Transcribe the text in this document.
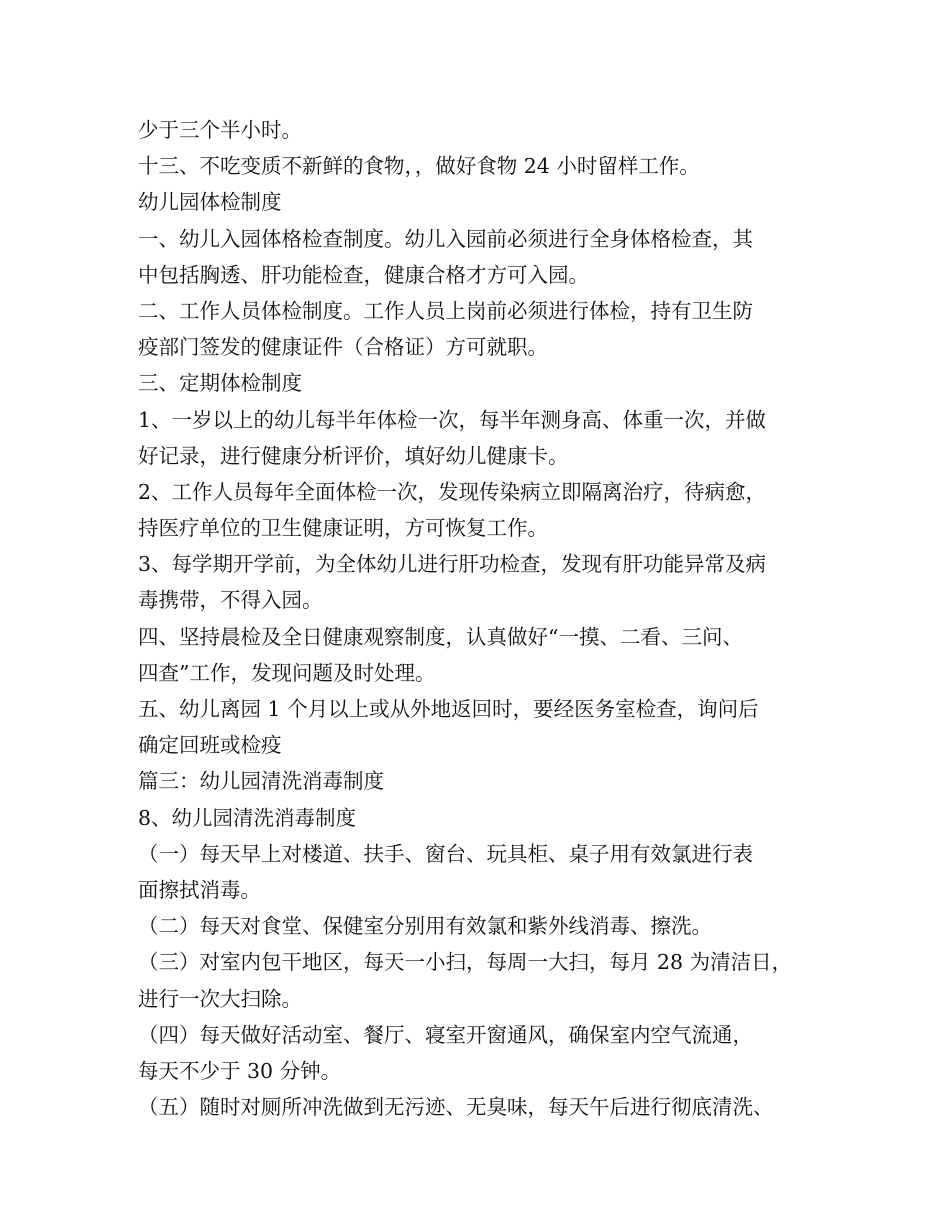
少于三个半小时。
十三、不吃变质不新鲜的食物，，做好食物 24 小时留样工作。
幼儿园体检制度
一、幼儿入园体格检查制度。幼儿入园前必须进行全身体格检查，其
中包括胸透、肝功能检查，健康合格才方可入园。
二、工作人员体检制度。工作人员上岗前必须进行体检，持有卫生防
疫部门签发的健康证件（合格证）方可就职。
三、定期体检制度
1、一岁以上的幼儿每半年体检一次，每半年测身高、体重一次，并做
好记录，进行健康分析评价，填好幼儿健康卡。
2、工作人员每年全面体检一次，发现传染病立即隔离治疗，待病愈，
持医疗单位的卫生健康证明，方可恢复工作。
3、每学期开学前，为全体幼儿进行肝功检查，发现有肝功能异常及病
毒携带，不得入园。
四、坚持晨检及全日健康观察制度，认真做好“一摸、二看、三问、
四查”工作，发现问题及时处理。
五、幼儿离园 1 个月以上或从外地返回时，要经医务室检查，询问后
确定回班或检疫
篇三：幼儿园清洗消毒制度
8、幼儿园清洗消毒制度
（一）每天早上对楼道、扶手、窗台、玩具柜、桌子用有效氯进行表
面擦拭消毒。
（二）每天对食堂、保健室分别用有效氯和紫外线消毒、擦洗。
（三）对室内包干地区，每天一小扫，每周一大扫，每月 28 为清洁日，
进行一次大扫除。
（四）每天做好活动室、餐厅、寝室开窗通风，确保室内空气流通，
每天不少于 30 分钟。
（五）随时对厕所冲洗做到无污迹、无臭味，每天午后进行彻底清洗、
